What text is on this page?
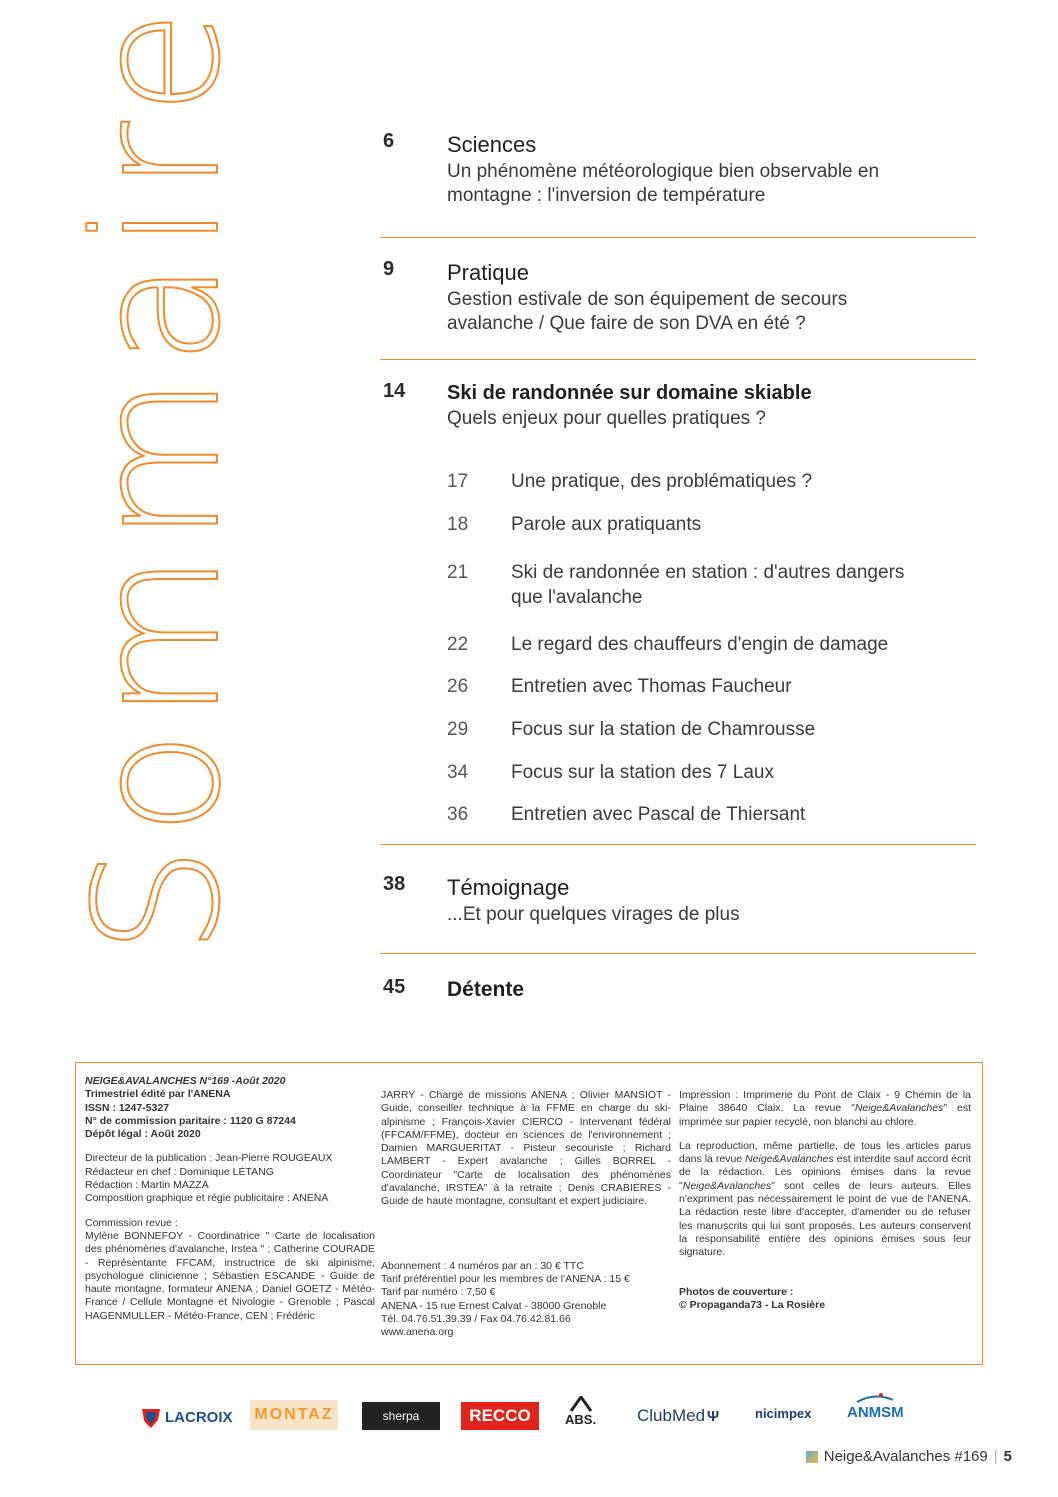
Sommaire	6 Sciences
Un phénomène météorologique bien observable en montagne : l'inversion de température
9 Pratique
Gestion estivale de son équipement de secours avalanche / Que faire de son DVA en été ?
14 Ski de randonnée sur domaine skiable
Quels enjeux pour quelles pratiques ?
17 Une pratique, des problématiques ?
18 Parole aux pratiquants
21 Ski de randonnée en station : d'autres dangers que l'avalanche
22 Le regard des chauffeurs d'engin de damage
26 Entretien avec Thomas Faucheur
29 Focus sur la station de Chamrousse
34 Focus sur la station des 7 Laux
36 Entretien avec Pascal de Thiersant
38 Témoignage
...Et pour quelques virages de plus
45 Détente

NEIGE&AVALANCHES N°169 -Août 2020

Trimestriel édité par l'ANENA

ISSN : 1247-5327

N° de commission paritaire : 1120 G 87244

Dépôt légal : Août 2020

Directeur de la publication : Jean-Pierre ROUGEAUX

Rédacteur en chef : Dominique LÉTANG

Rédaction : Martin MAZZA

Composition graphique et régie publicitaire : ANENA

Commission revue :

Mylène BONNEFOY - Coordinatrice " Carte de localisation des phénomènes d'avalanche, Irstea " ; Catherine COURADE - Représentante FFCAM, instructrice de ski alpinisme, psychologue clinicienne ; Sébastien ESCANDE - Guide de haute montagne, formateur ANENA ; Daniel GOETZ - Météo-France / Cellule Montagne et Nivologie - Grenoble ; Pascal HAGENMULLER - Météo-France, CEN ; Frédéric

JARRY - Chargé de missions ANENA ; Olivier MANSIOT - Guide, conseiller technique à la FFME en charge du ski-alpinisme ; François-Xavier CIERCO - Intervenant fédéral (FFCAM/FFME), docteur en sciences de l'environnement ; Damien MARGUERITAT - Pisteur secouriste ; Richard LAMBERT - Expert avalanche ; Gilles BORREL - Coordinateur "Carte de localisation des phénomènes d'avalanche, IRSTEA" à la retraite ; Denis CRABIERES - Guide de haute montagne, consultant et expert judiciaire.

Abonnement : 4 numéros par an : 30 € TTC

Tarif préférentiel pour les membres de l'ANENA : 15 €

Tarif par numéro : 7,50 €

ANENA - 15 rue Ernest Calvat - 38000 Grenoble

Tél. 04.76.51.39.39 / Fax 04.76.42.81.66

www.anena.org

Impression : Imprimerie du Pont de Claix - 9 Chemin de la Plaine 38640 Claix. La revue "Neige&Avalanches" est imprimée sur papier recyclé, non blanchi au chlore.

La reproduction, même partielle, de tous les articles parus dans la revue Neige&Avalanches est interdite sauf accord écrit de la rédaction. Les opinions émises dans la revue "Neige&Avalanches" sont celles de leurs auteurs. Elles n'expriment pas nécessairement le point de vue de l'ANENA. La rédaction reste libre d'accepter, d'amender ou de refuser les manuscrits qui lui sont proposés. Les auteurs conservent la responsabilité entière des opinions émises sous leur signature.

Photos de couverture :

© Propaganda73 - La Rosière

LACROIX MONTAZ	sherpa	RECCO	ABS. ClubMed Ψ	nicimpex ANMSM
Neige&Avalanches #169 | 5
